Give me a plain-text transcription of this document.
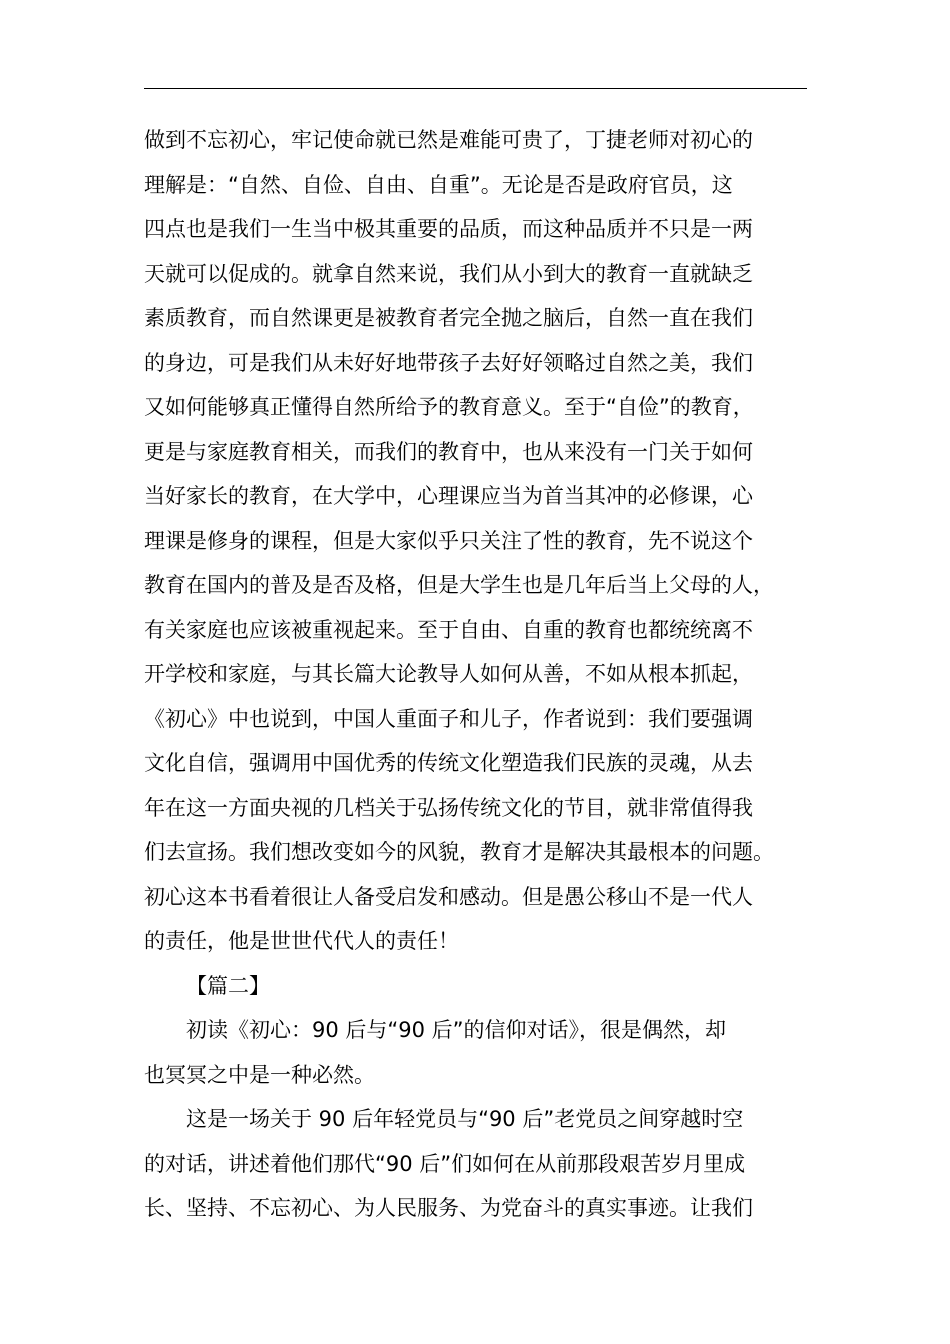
做到不忘初心，牢记使命就已然是难能可贵了，丁捷老师对初心的
理解是：“自然、自俭、自由、自重”。无论是否是政府官员，这
四点也是我们一生当中极其重要的品质，而这种品质并不只是一两
天就可以促成的。就拿自然来说，我们从小到大的教育一直就缺乏
素质教育，而自然课更是被教育者完全抛之脑后，自然一直在我们
的身边，可是我们从未好好地带孩子去好好领略过自然之美，我们
又如何能够真正懂得自然所给予的教育意义。至于“自俭”的教育，
更是与家庭教育相关，而我们的教育中，也从来没有一门关于如何
当好家长的教育，在大学中，心理课应当为首当其冲的必修课，心
理课是修身的课程，但是大家似乎只关注了性的教育，先不说这个
教育在国内的普及是否及格，但是大学生也是几年后当上父母的人，
有关家庭也应该被重视起来。至于自由、自重的教育也都统统离不
开学校和家庭，与其长篇大论教导人如何从善，不如从根本抓起，
《初心》中也说到，中国人重面子和儿子，作者说到：我们要强调
文化自信，强调用中国优秀的传统文化塑造我们民族的灵魂，从去
年在这一方面央视的几档关于弘扬传统文化的节目，就非常值得我
们去宣扬。我们想改变如今的风貌，教育才是解决其最根本的问题。
初心这本书看着很让人备受启发和感动。但是愚公移山不是一代人
的责任，他是世世代代人的责任！
【篇二】
初读《初心：90 后与“90 后”的信仰对话》，很是偶然，却
也冥冥之中是一种必然。
这是一场关于 90 后年轻党员与“90 后”老党员之间穿越时空
的对话，讲述着他们那代“90 后”们如何在从前那段艰苦岁月里成
长、坚持、不忘初心、为人民服务、为党奋斗的真实事迹。让我们
